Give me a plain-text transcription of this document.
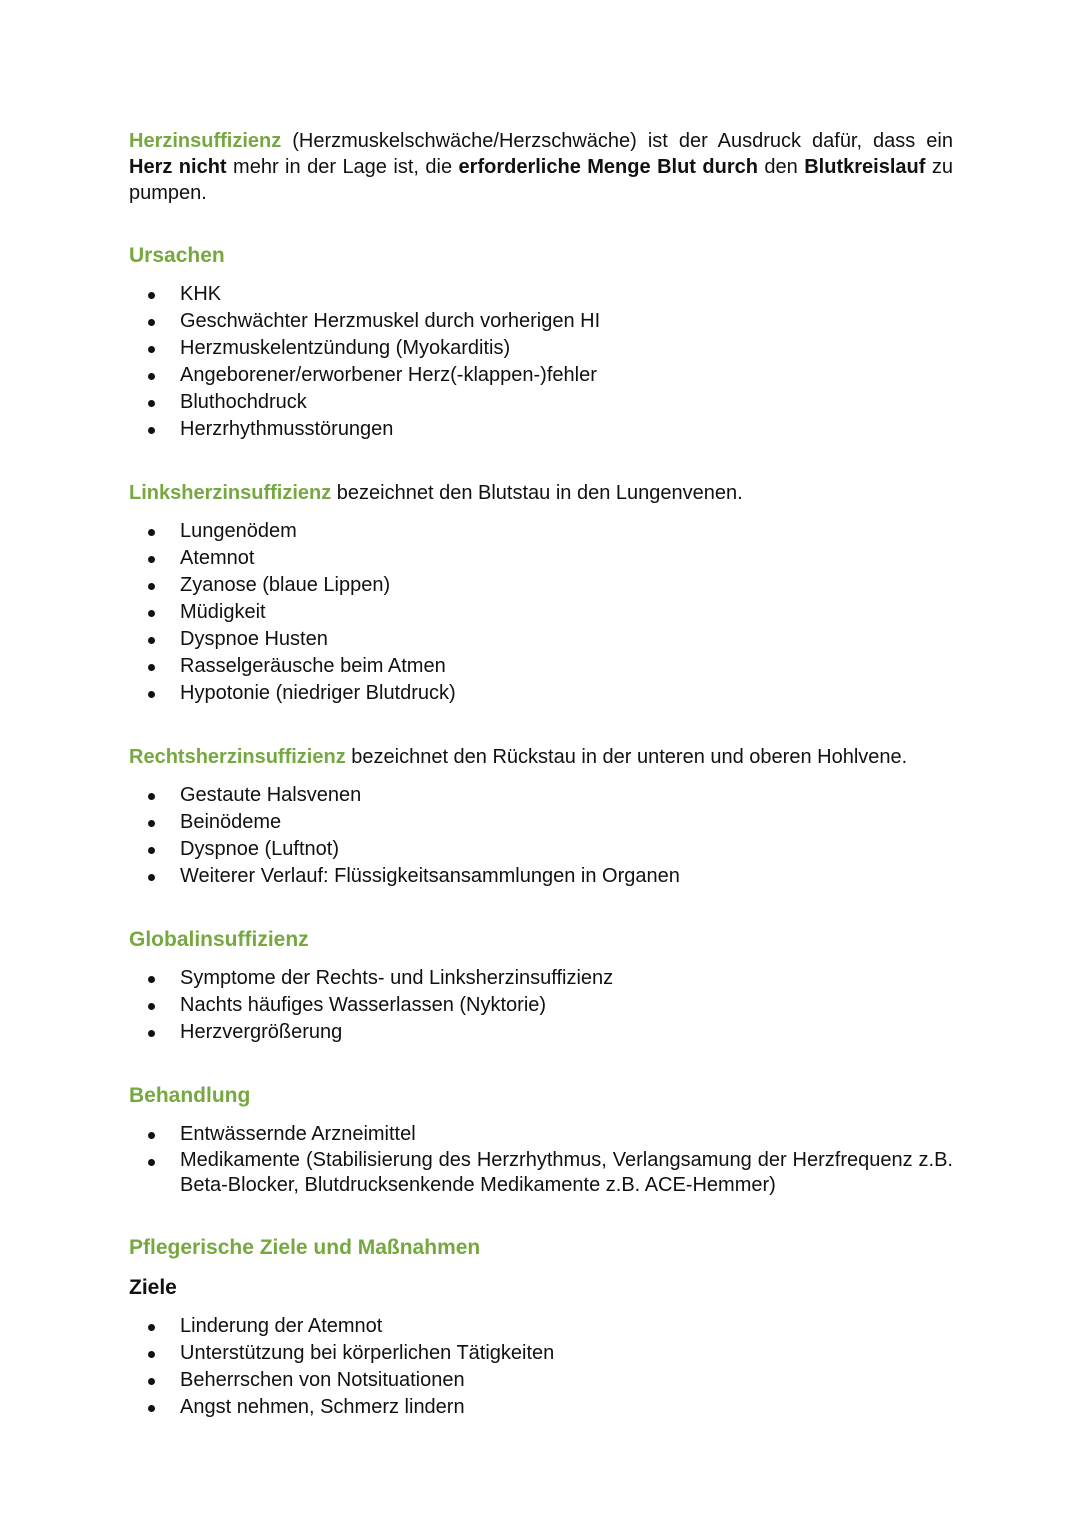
Herzinsuffizienz (Herzmuskelschwäche/Herzschwäche) ist der Ausdruck dafür, dass ein Herz nicht mehr in der Lage ist, die erforderliche Menge Blut durch den Blutkreislauf zu pumpen.

Ursachen
KHK
Geschwächter Herzmuskel durch vorherigen HI
Herzmuskelentzündung (Myokarditis)
Angeborener/erworbener Herz(-klappen-)fehler
Bluthochdruck
Herzrhythmusstörungen

Linksherzinsuffizienz bezeichnet den Blutstau in den Lungenvenen.

Lungenödem
Atemnot
Zyanose (blaue Lippen)
Müdigkeit
Dyspnoe Husten
Rasselgeräusche beim Atmen
Hypotonie (niedriger Blutdruck)

Rechtsherzinsuffizienz bezeichnet den Rückstau in der unteren und oberen Hohlvene.

Gestaute Halsvenen
Beinödeme
Dyspnoe (Luftnot)
Weiterer Verlauf: Flüssigkeitsansammlungen in Organen
Globalinsuffizienz
Symptome der Rechts- und Linksherzinsuffizienz
Nachts häufiges Wasserlassen (Nyktorie)
Herzvergrößerung
Behandlung
Entwässernde Arzneimittel
Medikamente (Stabilisierung des Herzrhythmus, Verlangsamung der Herzfrequenz z.B. Beta-Blocker, Blutdrucksenkende Medikamente z.B. ACE-Hemmer)
Pflegerische Ziele und Maßnahmen
Ziele
Linderung der Atemnot
Unterstützung bei körperlichen Tätigkeiten
Beherrschen von Notsituationen
Angst nehmen, Schmerz lindern
